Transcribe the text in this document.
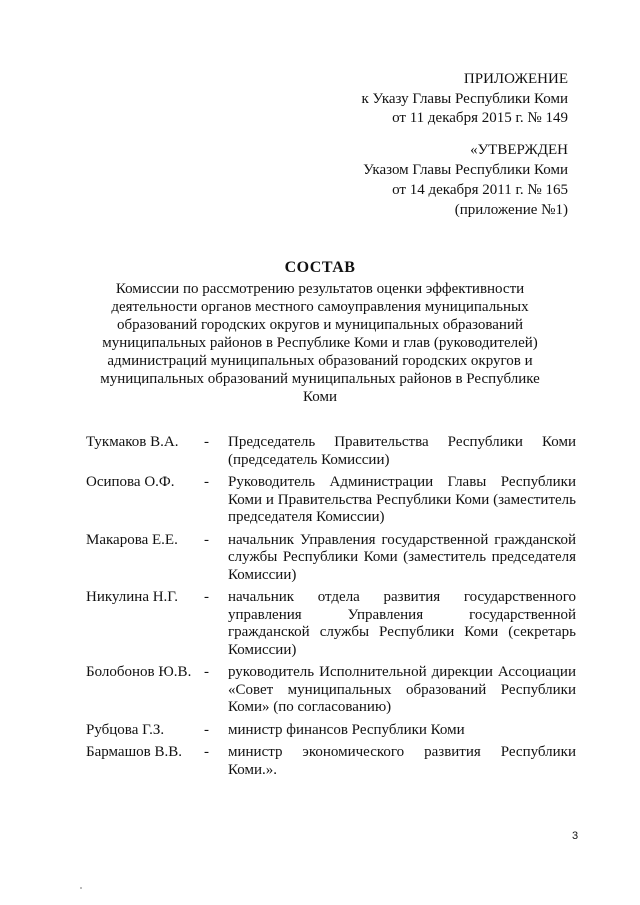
ПРИЛОЖЕНИЕ
к Указу Главы Республики Коми
от 11 декабря 2015 г. № 149
«УТВЕРЖДЕН
Указом Главы Республики Коми
от 14 декабря 2011 г. № 165
(приложение №1)
СОСТАВ
Комиссии по рассмотрению результатов оценки эффективности деятельности органов местного самоуправления муниципальных образований городских округов и муниципальных образований муниципальных районов в Республике Коми и глав (руководителей) администраций муниципальных образований городских округов и муниципальных образований муниципальных районов в Республике Коми
Тукмаков В.А.	-	Председатель Правительства Республики Коми (председатель Комиссии)
Осипова О.Ф.	-	Руководитель Администрации Главы Республики Коми и Правительства Республики Коми (заместитель председателя Комиссии)
Макарова Е.Е.	-	начальник Управления государственной гражданской службы Республики Коми (заместитель председателя Комиссии)
Никулина Н.Г.	-	начальник отдела развития государственного управления Управления государственной гражданской службы Республики Коми (секретарь Комиссии)
Болобонов Ю.В. -	руководитель Исполнительной дирекции Ассоциации «Совет муниципальных образований Республики Коми» (по согласованию)
Рубцова Г.З.	-	министр финансов Республики Коми
Бармашов В.В.	-	министр экономического развития Республики Коми.».
3
